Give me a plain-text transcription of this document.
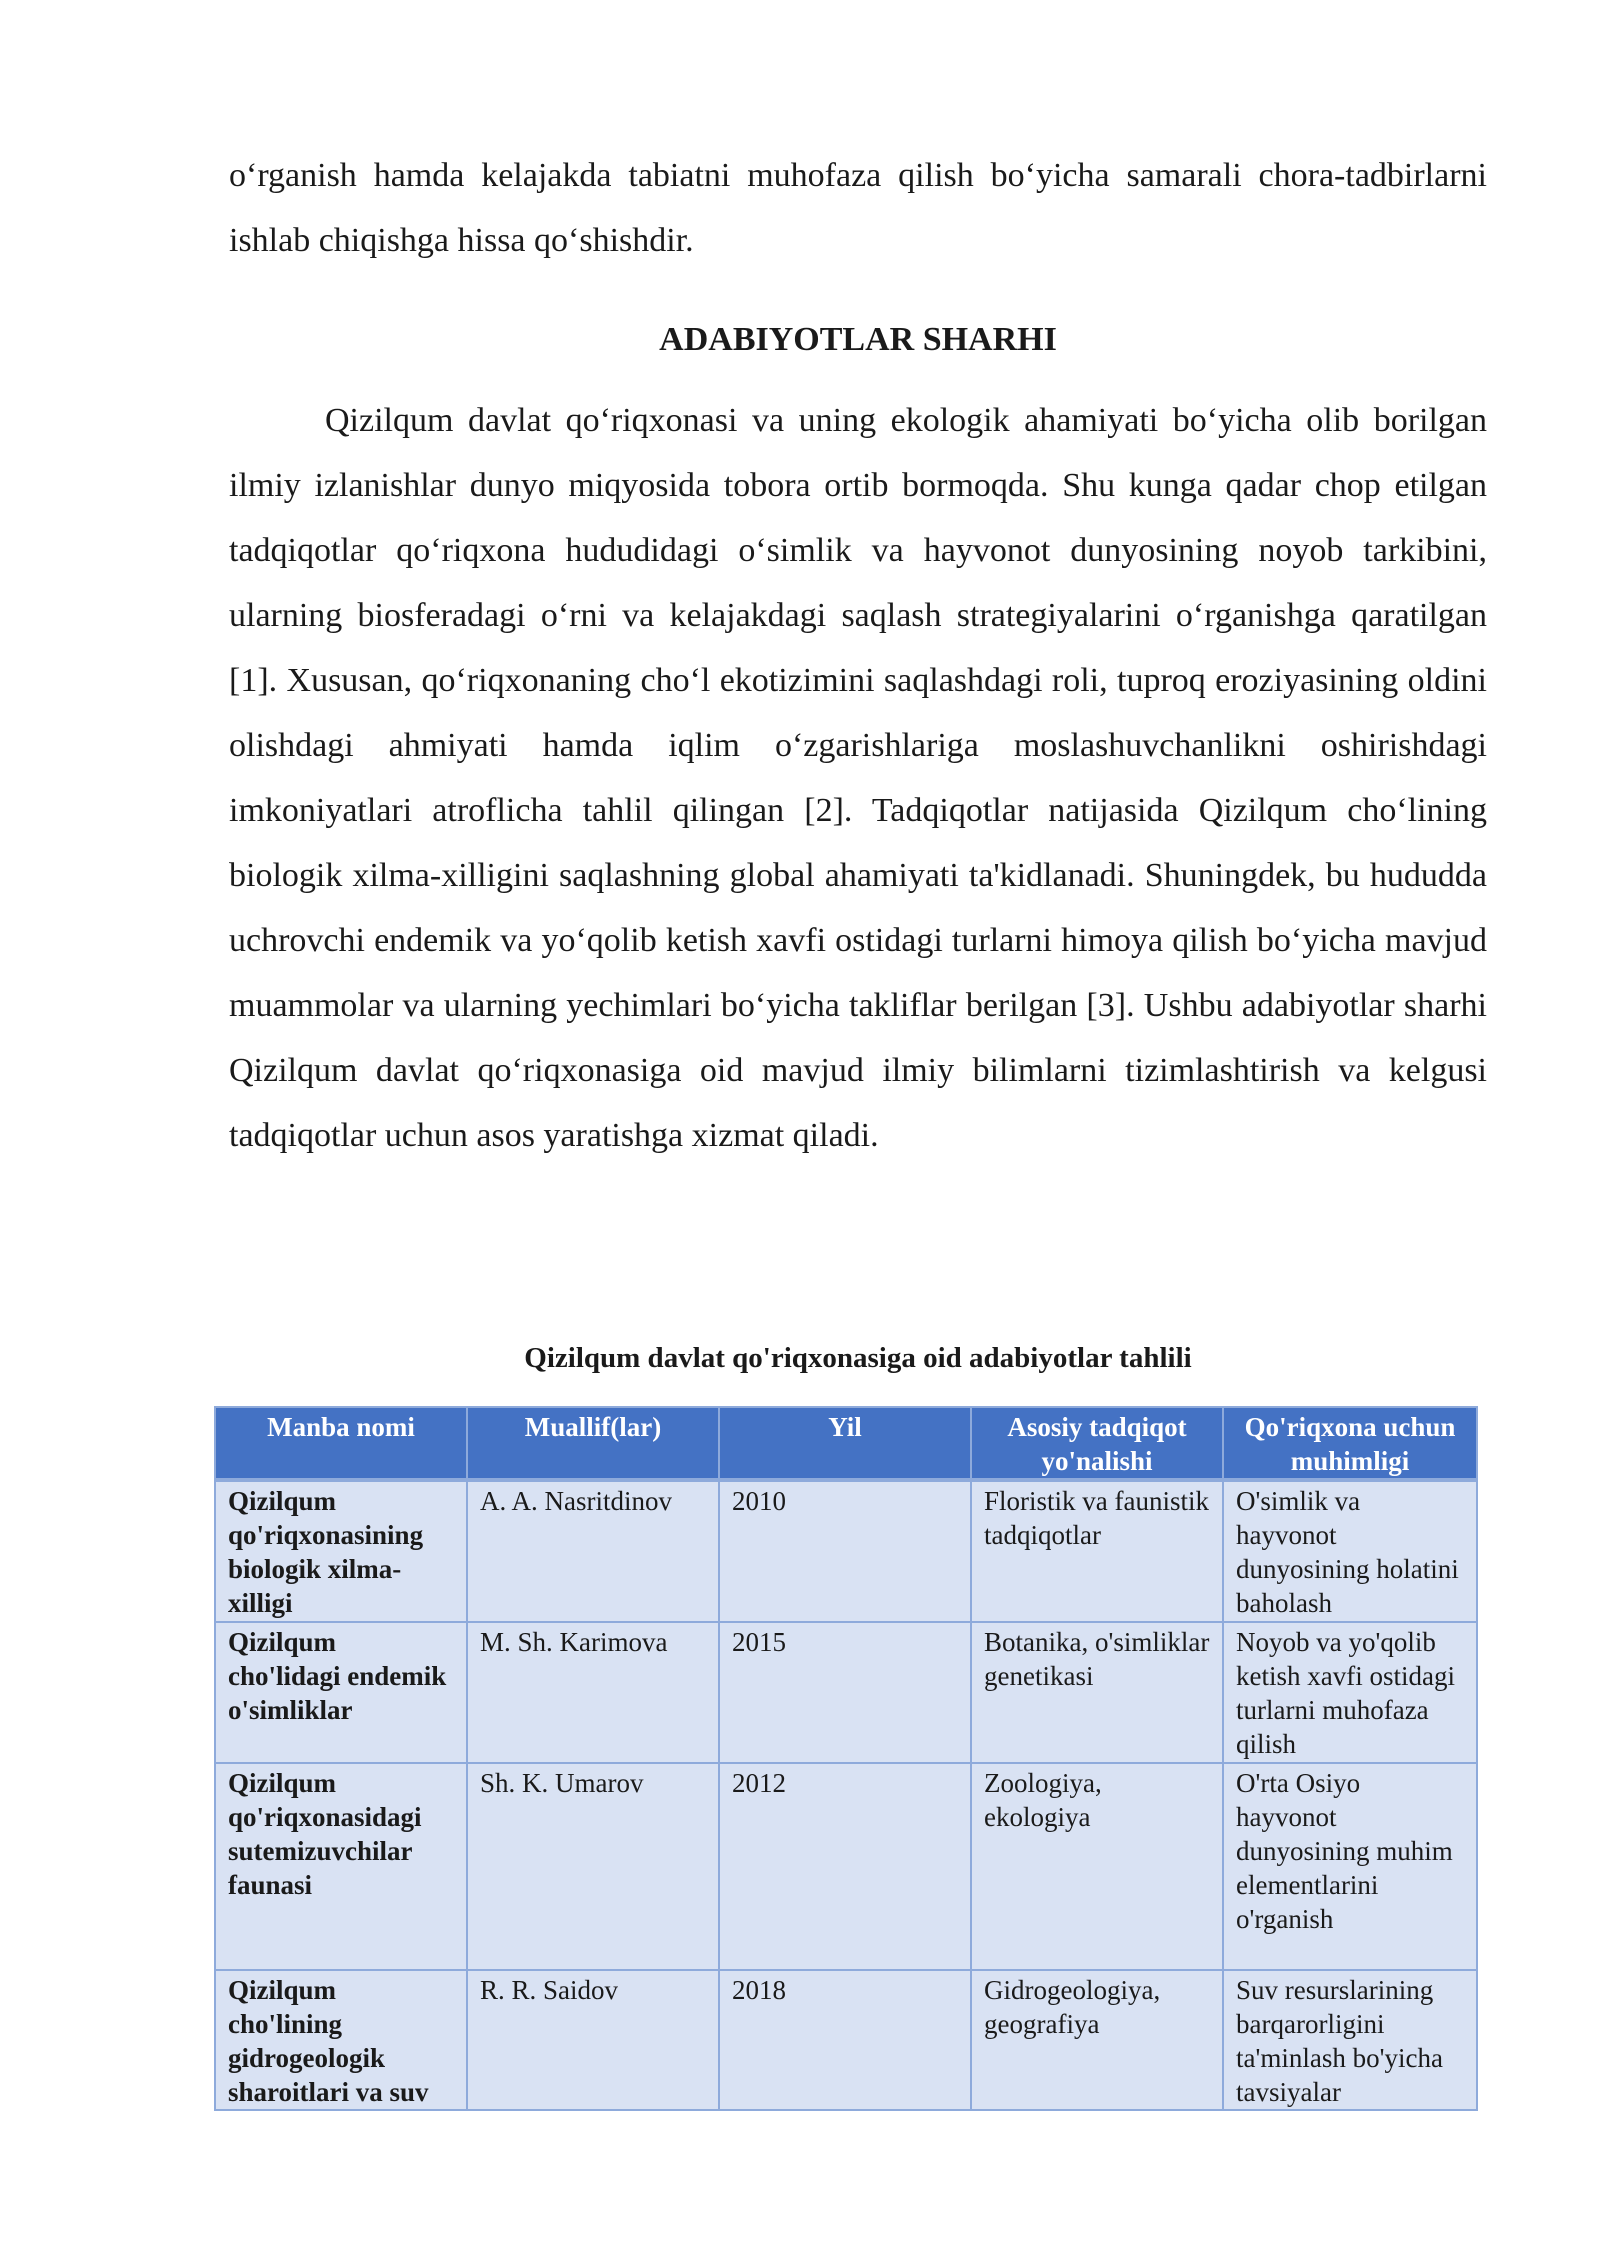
o‘rganish hamda kelajakda tabiatni muhofaza qilish bo‘yicha samarali chora-tadbirlarni ishlab chiqishga hissa qo‘shishdir.

ADABIYOTLAR SHARHI

Qizilqum davlat qo‘riqxonasi va uning ekologik ahamiyati bo‘yicha olib borilgan ilmiy izlanishlar dunyo miqyosida tobora ortib bormoqda. Shu kunga qadar chop etilgan tadqiqotlar qo‘riqxona hududidagi o‘simlik va hayvonot dunyosining noyob tarkibini, ularning biosferadagi o‘rni va kelajakdagi saqlash strategiyalarini o‘rganishga qaratilgan [1]. Xususan, qo‘riqxonaning cho‘l ekotizimini saqlashdagi roli, tuproq eroziyasining oldini olishdagi ahmiyati hamda iqlim o‘zgarishlariga moslashuvchanlikni oshirishdagi imkoniyatlari atroflicha tahlil qilingan [2]. Tadqiqotlar natijasida Qizilqum cho‘lining biologik xilma-xilligini saqlashning global ahamiyati ta'kidlanadi. Shuningdek, bu hududda uchrovchi endemik va yo‘qolib ketish xavfi ostidagi turlarni himoya qilish bo‘yicha mavjud muammolar va ularning yechimlari bo‘yicha takliflar berilgan [3]. Ushbu adabiyotlar sharhi Qizilqum davlat qo‘riqxonasiga oid mavjud ilmiy bilimlarni tizimlashtirish va kelgusi tadqiqotlar uchun asos yaratishga xizmat qiladi.

Qizilqum davlat qo'riqxonasiga oid adabiyotlar tahlili
Manba nomi	Muallif(lar)	Yil	Asosiy tadqiqot yo'nalishi	Qo'riqxona uchun muhimligi
Qizilqum qo'riqxonasining biologik xilma-xilligi	A. A. Nasritdinov	2010	Floristik va faunistik tadqiqotlar	O'simlik va hayvonot dunyosining holatini baholash
Qizilqum cho'lidagi endemik o'simliklar	M. Sh. Karimova	2015	Botanika, o'simliklar genetikasi	Noyob va yo'qolib ketish xavfi ostidagi turlarni muhofaza qilish
Qizilqum qo'riqxonasidagi sutemizuvchilar faunasi	Sh. K. Umarov	2012	Zoologiya, ekologiya	O'rta Osiyo hayvonot dunyosining muhim elementlarini o'rganish
Qizilqum cho'lining gidrogeologik sharoitlari va suv	R. R. Saidov	2018	Gidrogeologiya, geografiya	Suv resurslarining barqarorligini ta'minlash bo'yicha tavsiyalar
